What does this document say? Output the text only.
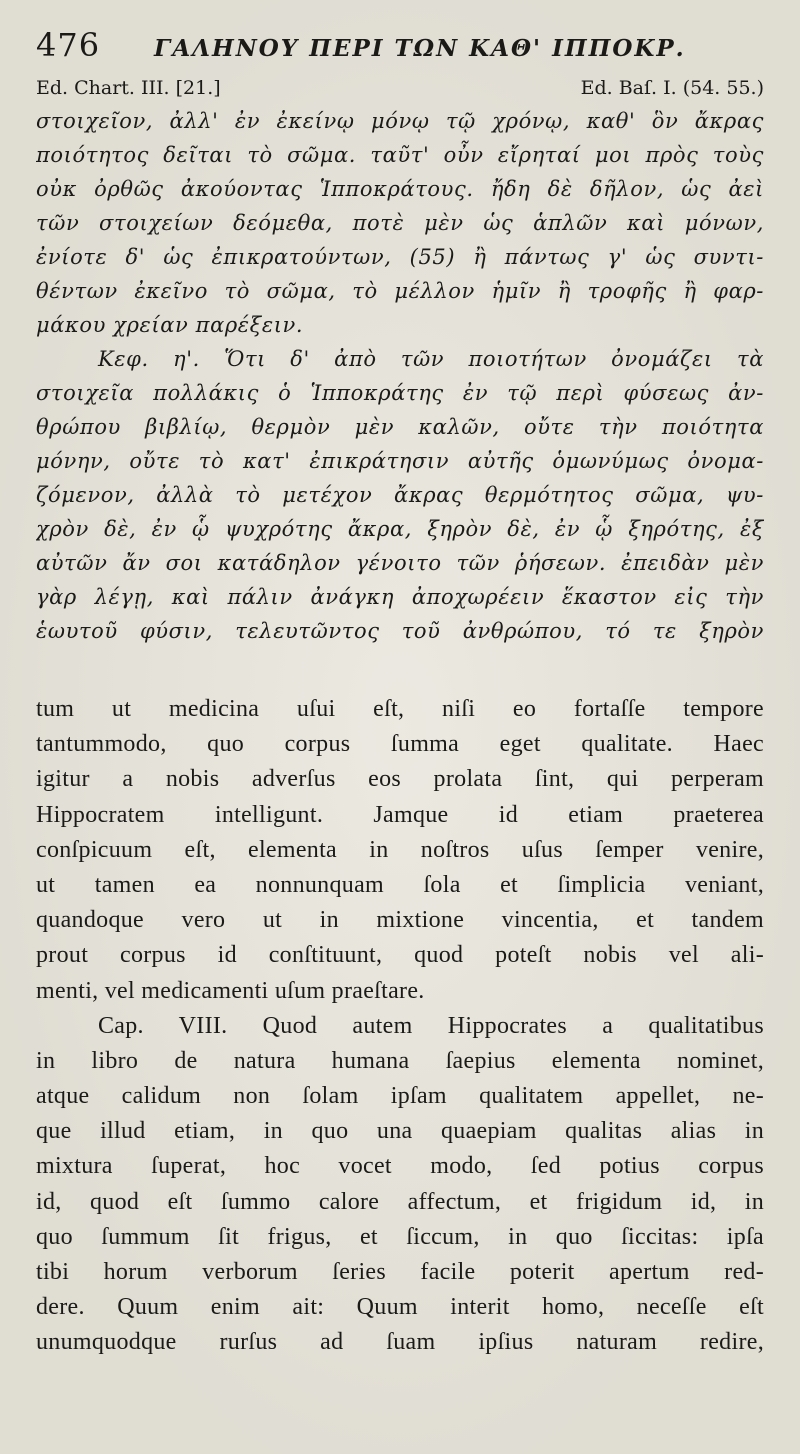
476	ΓΑΛΗΝΟΥ ΠΕΡΙ ΤΩΝ ΚΑΘ' ΙΠΠΟΚΡ.
Ed. Chart. III. [21.]	Ed. Baſ. I. (54. 55.)
στοιχεῖον, ἀλλ' ἐν ἐκείνῳ μόνῳ τῷ χρόνῳ, καθ' ὃν ἄκρας
ποιότητος δεῖται τὸ σῶμα. ταῦτ' οὖν εἴρηταί μοι πρὸς τοὺς
οὐκ ὀρθῶς ἀκούοντας Ἱπποκράτους. ἤδη δὲ δῆλον, ὡς ἀεὶ
τῶν στοιχείων δεόμεθα, ποτὲ μὲν ὡς ἁπλῶν καὶ μόνων,
ἐνίοτε δ' ὡς ἐπικρατούντων, (55) ἢ πάντως γ' ὡς συντι-
θέντων ἐκεῖνο τὸ σῶμα, τὸ μέλλον ἡμῖν ἢ τροφῆς ἢ φαρ-
μάκου χρείαν παρέξειν.
Κεφ. η'. Ὅτι δ' ἀπὸ τῶν ποιοτήτων ὀνομάζει τὰ
στοιχεῖα πολλάκις ὁ Ἱπποκράτης ἐν τῷ περὶ φύσεως ἀν-
θρώπου βιβλίῳ, θερμὸν μὲν καλῶν, οὔτε τὴν ποιότητα
μόνην, οὔτε τὸ κατ' ἐπικράτησιν αὐτῆς ὁμωνύμως ὀνομα-
ζόμενον, ἀλλὰ τὸ μετέχον ἄκρας θερμότητος σῶμα, ψυ-
χρὸν δὲ, ἐν ᾧ ψυχρότης ἄκρα, ξηρὸν δὲ, ἐν ᾧ ξηρότης, ἐξ
αὐτῶν ἄν σοι κατάδηλον γένοιτο τῶν ῥήσεων. ἐπειδὰν μὲν
γὰρ λέγῃ, καὶ πάλιν ἀνάγκη ἀποχωρέειν ἕκαστον εἰς τὴν
ἑωυτοῦ φύσιν, τελευτῶντος τοῦ ἀνθρώπου, τό τε ξηρὸν
tum ut medicina uſui eſt, niſi eo fortaſſe tempore
tantummodo, quo corpus ſumma eget qualitate. Haec
igitur a nobis adverſus eos prolata ſint, qui perperam
Hippocratem intelligunt. Jamque id etiam praeterea
conſpicuum eſt, elementa in noſtros uſus ſemper venire,
ut tamen ea nonnunquam ſola et ſimplicia veniant,
quandoque vero ut in mixtione vincentia, et tandem
prout corpus id conſtituunt, quod poteſt nobis vel ali-
menti, vel medicamenti uſum praeſtare.
Cap. VIII. Quod autem Hippocrates a qualitatibus
in libro de natura humana ſaepius elementa nominet,
atque calidum non ſolam ipſam qualitatem appellet, ne-
que illud etiam, in quo una quaepiam qualitas alias in
mixtura ſuperat, hoc vocet modo, ſed potius corpus
id, quod eſt ſummo calore affectum, et frigidum id, in
quo ſummum ſit frigus, et ſiccum, in quo ſiccitas: ipſa
tibi horum verborum ſeries facile poterit apertum red-
dere. Quum enim ait: Quum interit homo, neceſſe eſt
unumquodque rurſus ad ſuam ipſius naturam redire,
